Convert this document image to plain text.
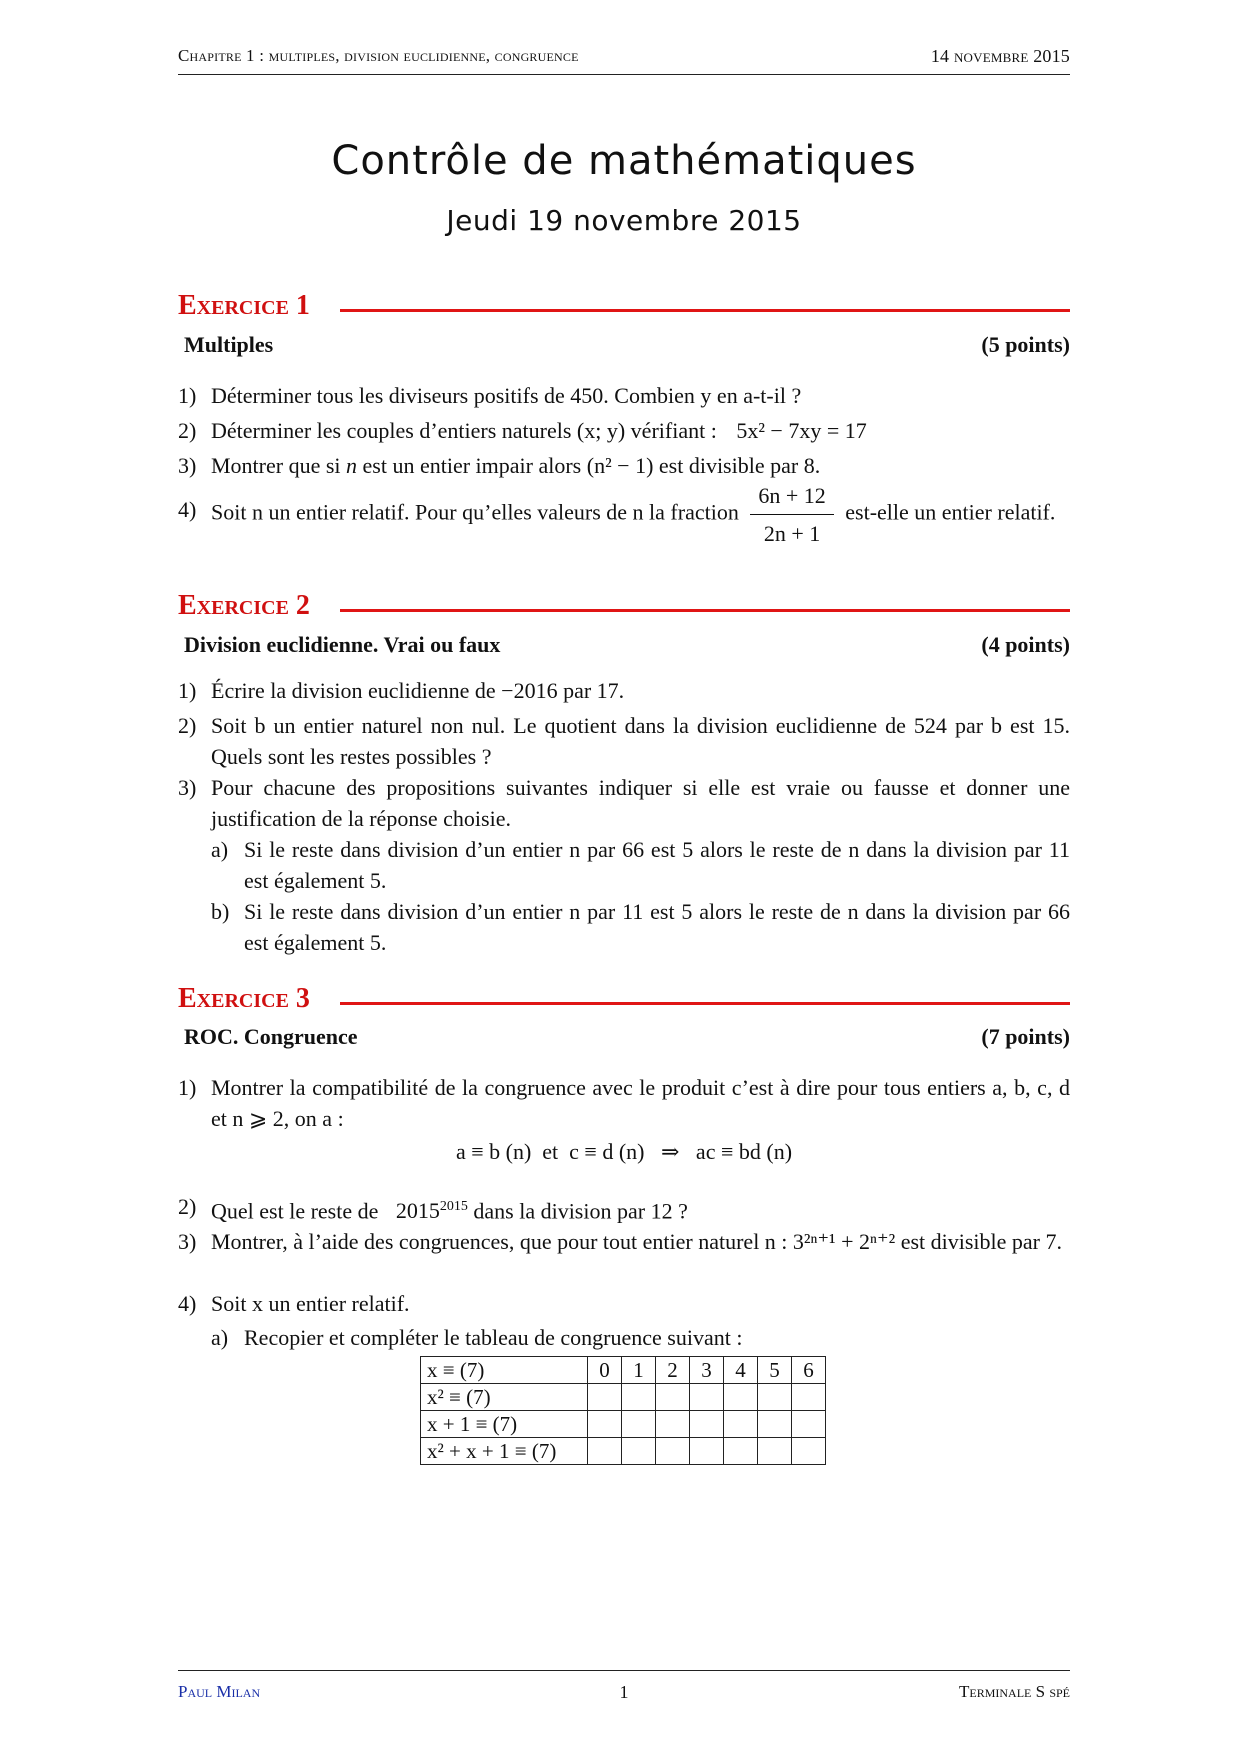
Chapitre 1 : multiples, division euclidienne, congruence	14 novembre 2015
Contrôle de mathématiques
Jeudi 19 novembre 2015
Exercice 1
Multiples	(5 points)
1) Déterminer tous les diviseurs positifs de 450. Combien y en a-t-il ?
2) Déterminer les couples d’entiers naturels (x; y) vérifiant : 5x² − 7xy = 17
3) Montrer que si n est un entier impair alors (n² − 1) est divisible par 8.
4) Soit n un entier relatif. Pour qu’elles valeurs de n la fraction $\frac{6n + 12}{2n + 1}$ est-elle un entier relatif.
Exercice 2
Division euclidienne. Vrai ou faux	(4 points)
1) Écrire la division euclidienne de −2016 par 17.
2) Soit b un entier naturel non nul. Le quotient dans la division euclidienne de 524 par b est 15. Quels sont les restes possibles ?
3) Pour chacune des propositions suivantes indiquer si elle est vraie ou fausse et donner une justification de la réponse choisie.
a) Si le reste dans division d’un entier n par 66 est 5 alors le reste de n dans la division par 11 est également 5.
b) Si le reste dans division d’un entier n par 11 est 5 alors le reste de n dans la division par 66 est également 5.
Exercice 3
ROC. Congruence	(7 points)
1) Montrer la compatibilité de la congruence avec le produit c’est à dire pour tous entiers a, b, c, d et n ⩾ 2, on a :
a ≡ b (n)  et  c ≡ d (n)   ⇒   ac ≡ bd (n)
2) Quel est le reste de $2015^{2015}$ dans la division par 12 ?
3) Montrer, à l’aide des congruences, que pour tout entier naturel n : 3²ⁿ⁺¹ + 2ⁿ⁺² est divisible par 7.
4) Soit x un entier relatif.
a) Recopier et compléter le tableau de congruence suivant :
x ≡ (7)	0	1	2	3	4	5	6
x² ≡ (7)							
x + 1 ≡ (7)							
x² + x + 1 ≡ (7)							
Paul Milan	1	Terminale S spé
